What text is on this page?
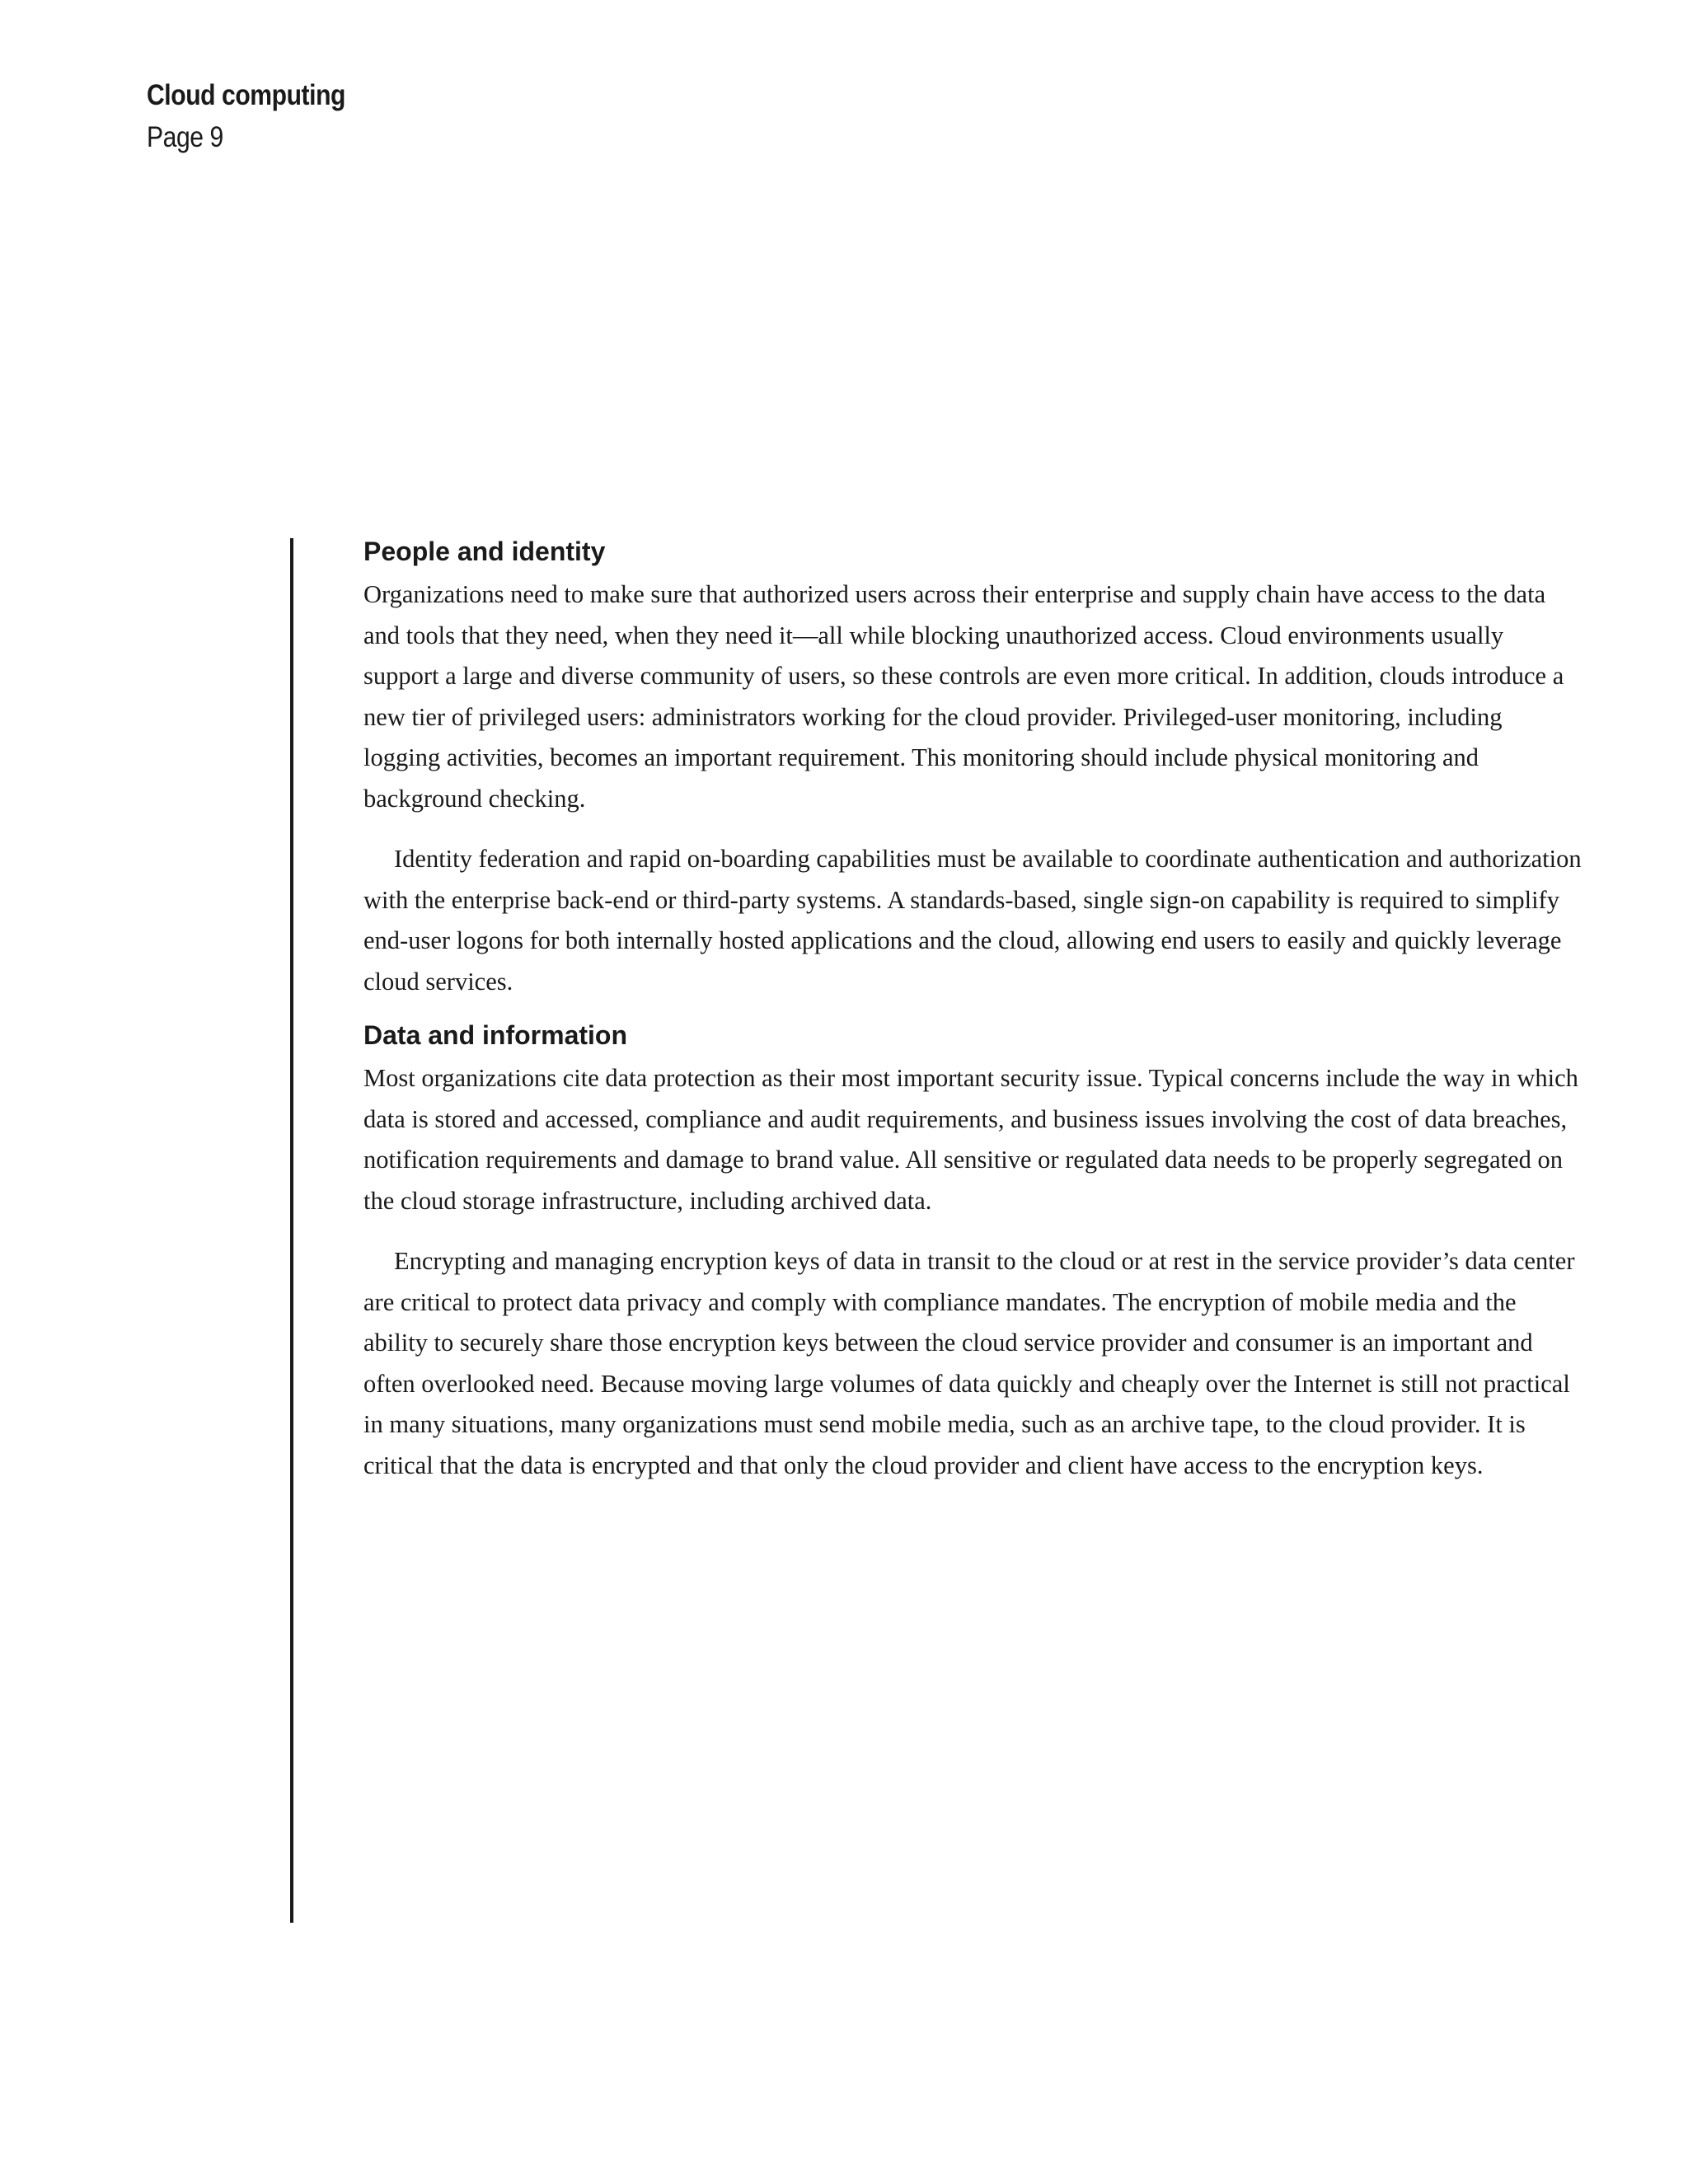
Cloud computing
Page 9
People and identity

Organizations need to make sure that authorized users across their enterprise and supply chain have access to the data and tools that they need, when they need it—all while blocking unauthorized access. Cloud environments usually support a large and diverse community of users, so these controls are even more critical. In addition, clouds introduce a new tier of privileged users: administrators working for the cloud provider. Privileged-user monitoring, including logging activities, becomes an important requirement. This monitoring should include physical monitoring and background checking.

Identity federation and rapid on-boarding capabilities must be available to coordinate authentication and authorization with the enterprise back-end or third-party systems. A standards-based, single sign-on capability is required to simplify end-user logons for both internally hosted applications and the cloud, allowing end users to easily and quickly leverage cloud services.

Data and information

Most organizations cite data protection as their most important security issue. Typical concerns include the way in which data is stored and accessed, compliance and audit requirements, and business issues involving the cost of data breaches, notification requirements and damage to brand value. All sensitive or regulated data needs to be properly segregated on the cloud storage infrastructure, including archived data.

Encrypting and managing encryption keys of data in transit to the cloud or at rest in the service provider’s data center are critical to protect data privacy and comply with compliance mandates. The encryption of mobile media and the ability to securely share those encryption keys between the cloud service provider and consumer is an important and often overlooked need. Because moving large volumes of data quickly and cheaply over the Internet is still not practical in many situations, many organizations must send mobile media, such as an archive tape, to the cloud provider. It is critical that the data is encrypted and that only the cloud provider and client have access to the encryption keys.
